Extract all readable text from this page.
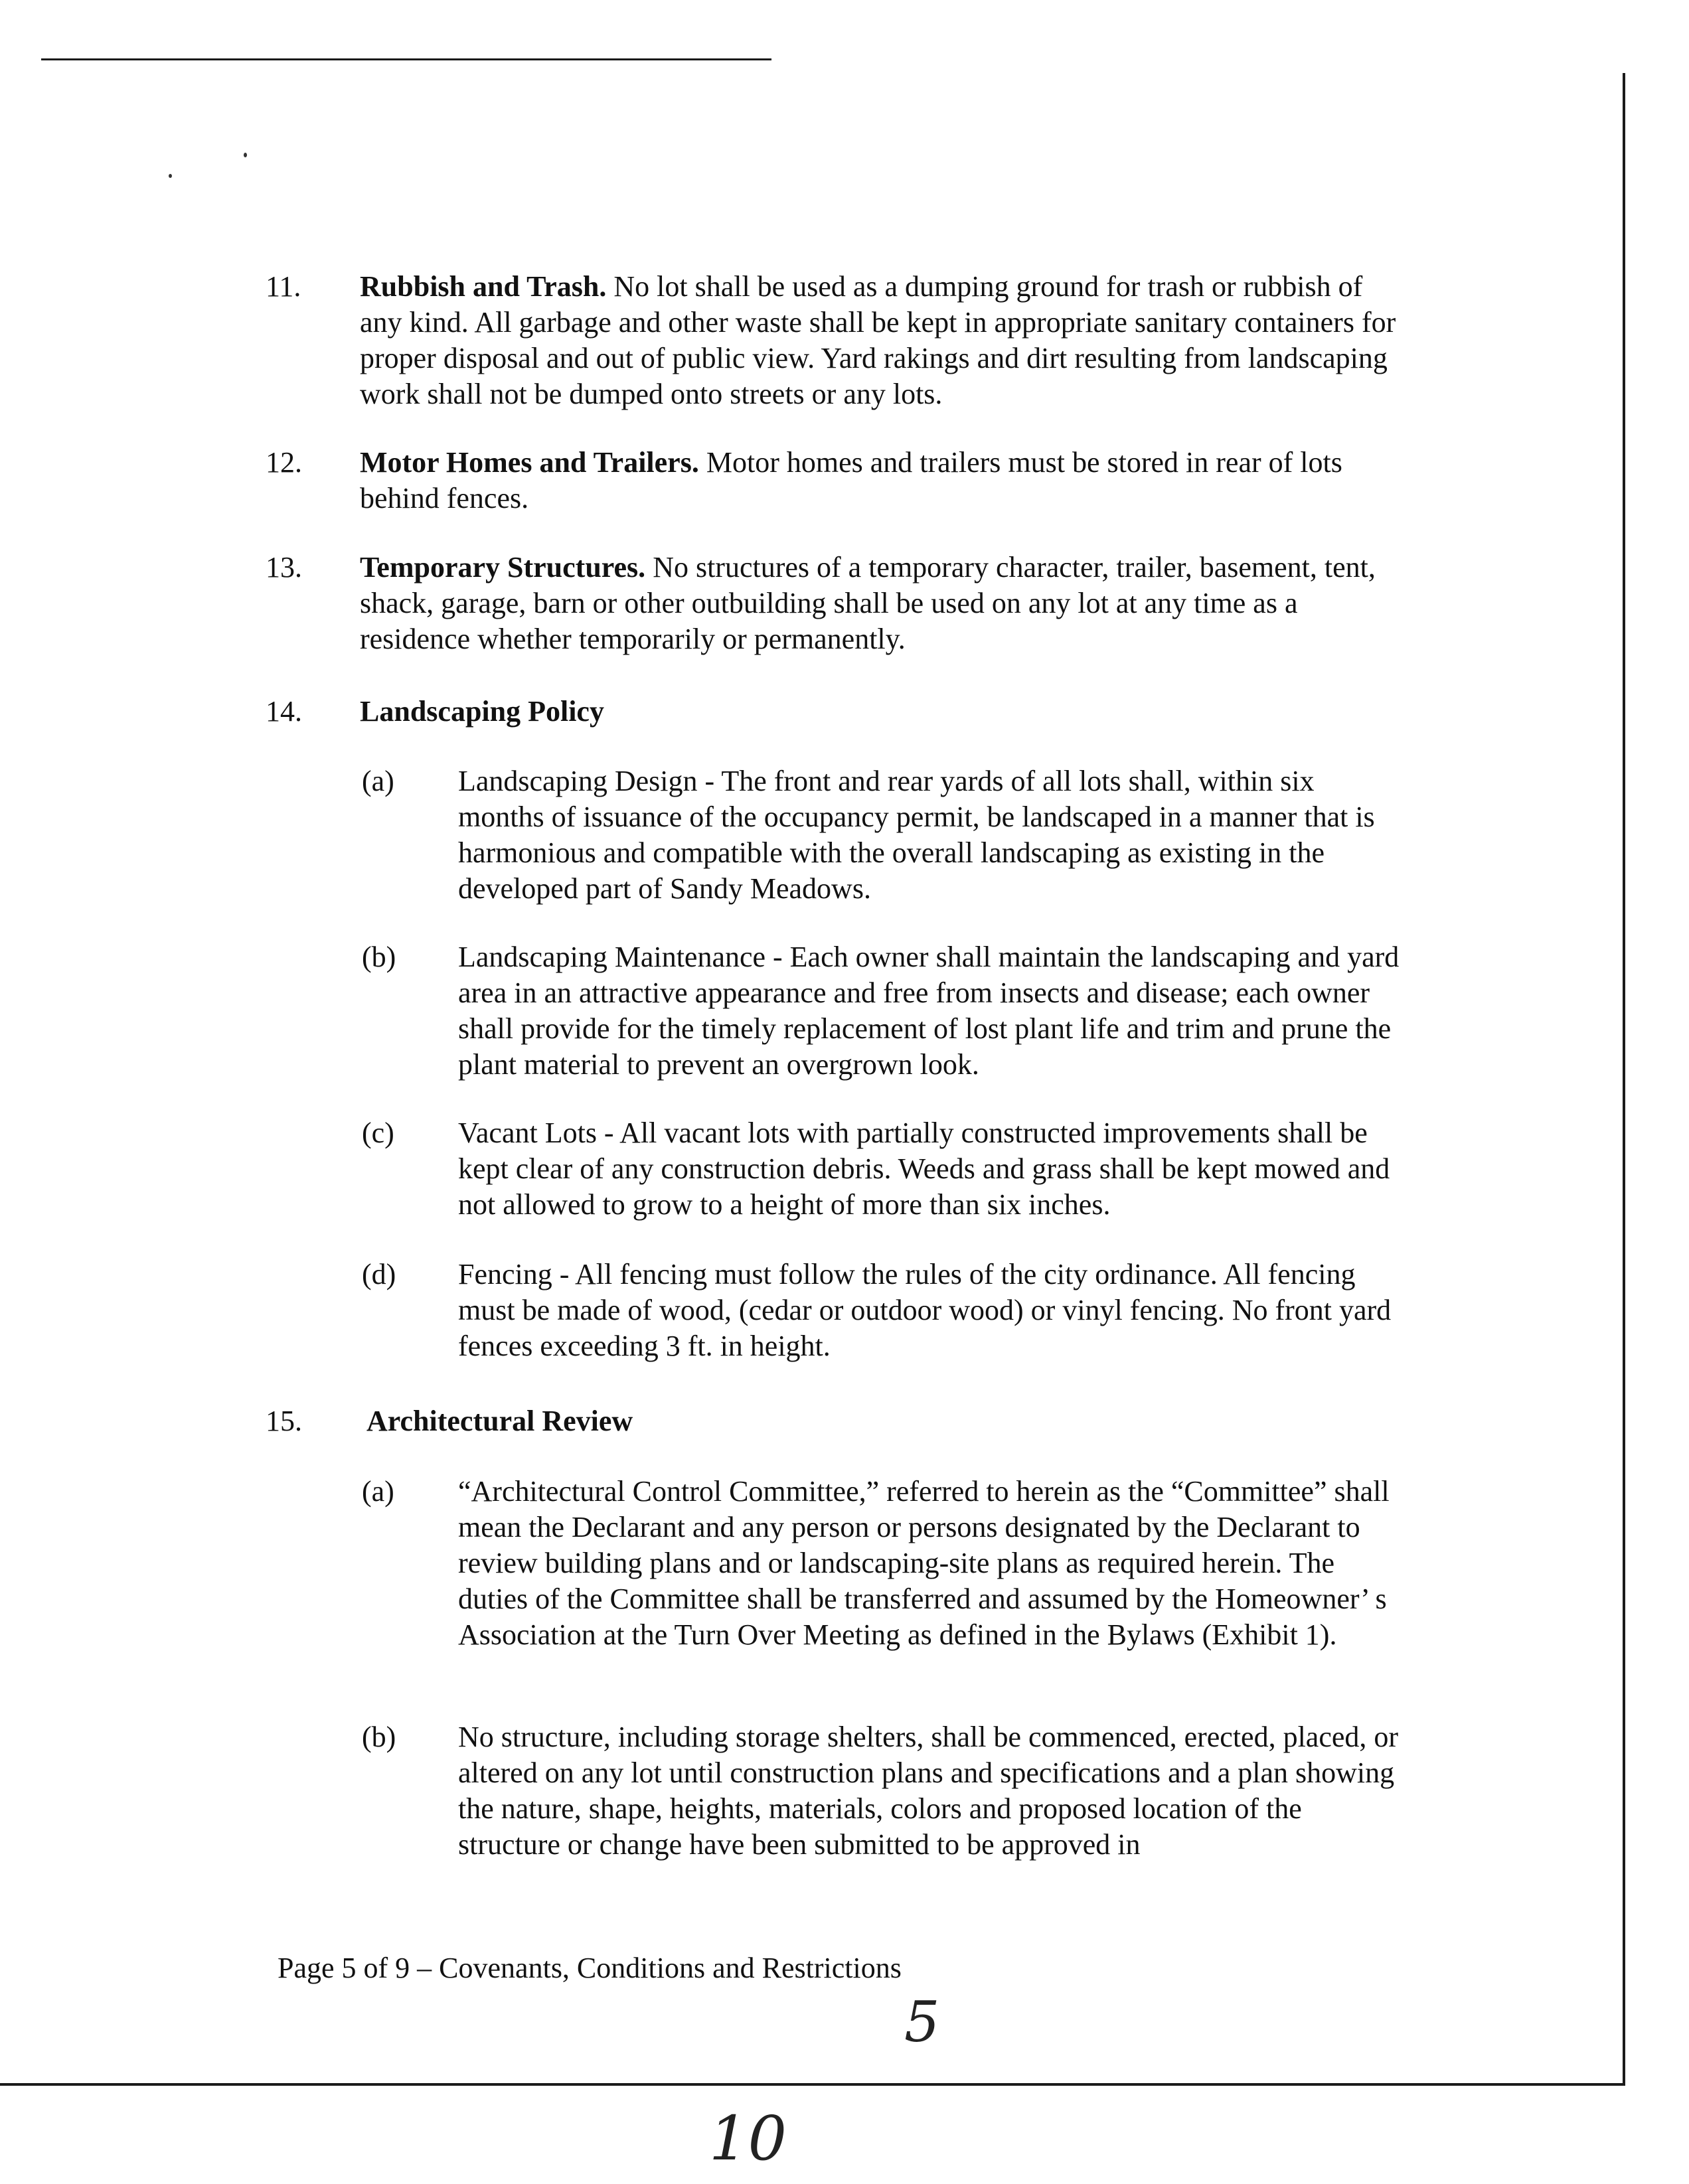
11. Rubbish and Trash. No lot shall be used as a dumping ground for trash or rubbish of any kind. All garbage and other waste shall be kept in appropriate sanitary containers for proper disposal and out of public view. Yard rakings and dirt resulting from landscaping work shall not be dumped onto streets or any lots.
12. Motor Homes and Trailers. Motor homes and trailers must be stored in rear of lots behind fences.
13. Temporary Structures. No structures of a temporary character, trailer, basement, tent, shack, garage, barn or other outbuilding shall be used on any lot at any time as a residence whether temporarily or permanently.
14. Landscaping Policy
(a) Landscaping Design - The front and rear yards of all lots shall, within six months of issuance of the occupancy permit, be landscaped in a manner that is harmonious and compatible with the overall landscaping as existing in the developed part of Sandy Meadows.
(b) Landscaping Maintenance - Each owner shall maintain the landscaping and yard area in an attractive appearance and free from insects and disease; each owner shall provide for the timely replacement of lost plant life and trim and prune the plant material to prevent an overgrown look.
(c) Vacant Lots - All vacant lots with partially constructed improvements shall be kept clear of any construction debris. Weeds and grass shall be kept mowed and not allowed to grow to a height of more than six inches.
(d) Fencing - All fencing must follow the rules of the city ordinance. All fencing must be made of wood, (cedar or outdoor wood) or vinyl fencing. No front yard fences exceeding 3 ft. in height.
15. Architectural Review
(a) “Architectural Control Committee,” referred to herein as the “Committee” shall mean the Declarant and any person or persons designated by the Declarant to review building plans and or landscaping-site plans as required herein. The duties of the Committee shall be transferred and assumed by the Homeowner’ s Association at the Turn Over Meeting as defined in the Bylaws (Exhibit 1).
(b) No structure, including storage shelters, shall be commenced, erected, placed, or altered on any lot until construction plans and specifications and a plan showing the nature, shape, heights, materials, colors and proposed location of the structure or change have been submitted to be approved in
Page 5 of 9 – Covenants, Conditions and Restrictions
5
10
